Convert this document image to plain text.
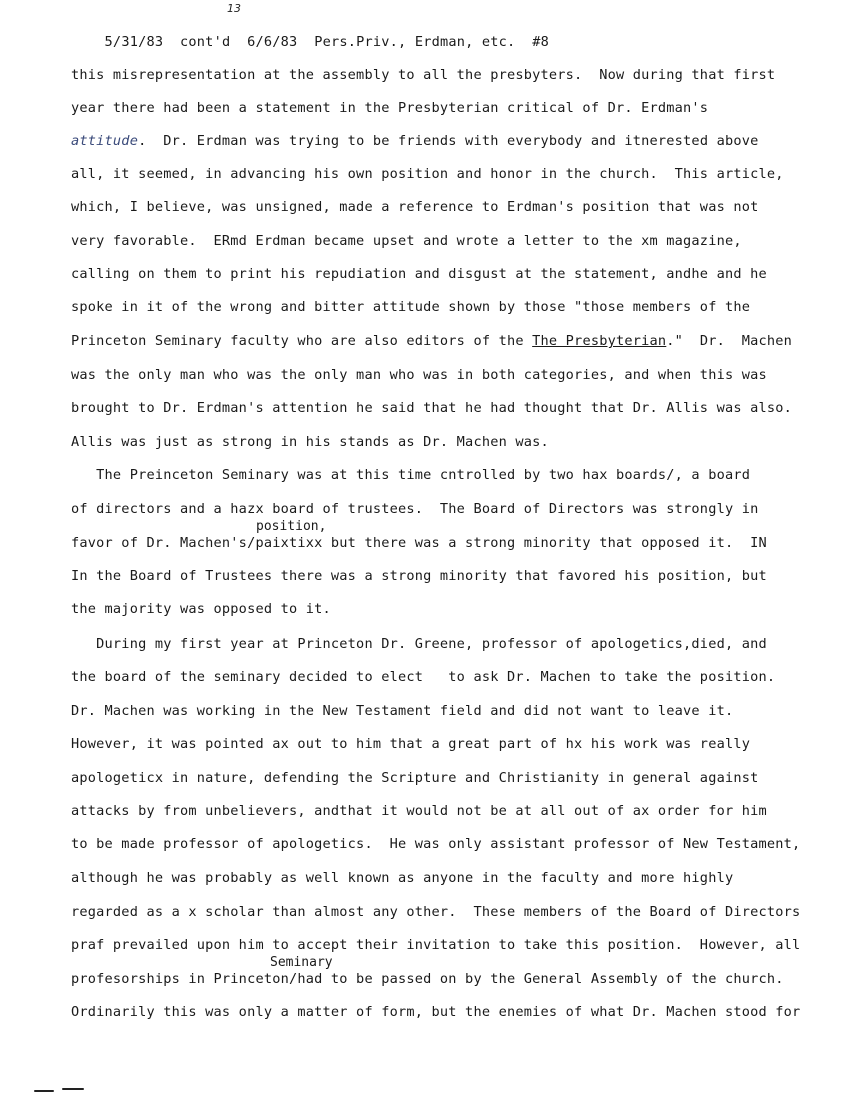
5/31/83 cont'd 6/6/83 Pers.Priv., Erdman, etc. #8

13
this misrepresentation at the assembly to all the presbyters.  Now during that first
year there had been a statement in the Presbyterian critical of Dr. Erdman's
attitude.  Dr. Erdman was trying to be friends with everybody and itnerested above
all, it seemed, in advancing his own position and honor in the church.  This article,
which, I believe, was unsigned, made a reference to Erdman's position that was not
very favorable.  ERmd Erdman became upset and wrote a letter to the xm magazine,
calling on them to print his repudiation and disgust at the statement, andhe and he
spoke in it of the wrong and bitter attitude shown by those "those members of the
Princeton Seminary faculty who are also editors of the The Presbyterian."  Dr.  Machen
was the only man who was the only man who was in both categories, and when this was
brought to Dr. Erdman's attention he said that he had thought that Dr. Allis was also.
Allis was just as strong in his stands as Dr. Machen was.
The Preinceton Seminary was at this time cntrolled by two hax boards/, a board
of directors and a hazx board of trustees.  The Board of Directors was strongly in
position,
favor of Dr. Machen's/paixtixx but there was a strong minority that opposed it.  IN
In the Board of Trustees there was a strong minority that favored his position, but
the majority was opposed to it.
During my first year at Princeton Dr. Greene, professor of apologetics,died, and
the board of the seminary decided to elect   to ask Dr. Machen to take the position.
Dr. Machen was working in the New Testament field and did not want to leave it.
However, it was pointed ax out to him that a great part of hx his work was really
apologeticx in nature, defending the Scripture and Christianity in general against
attacks by from unbelievers, andthat it would not be at all out of ax order for him
to be made professor of apologetics.  He was only assistant professor of New Testament,
although he was probably as well known as anyone in the faculty and more highly
regarded as a x scholar than almost any other.  These members of the Board of Directors
praf prevailed upon him to accept their invitation to take this position.  However, all
Seminary
profesorships in Princeton/had to be passed on by the General Assembly of the church.
Ordinarily this was only a matter of form, but the enemies of what Dr. Machen stood for
